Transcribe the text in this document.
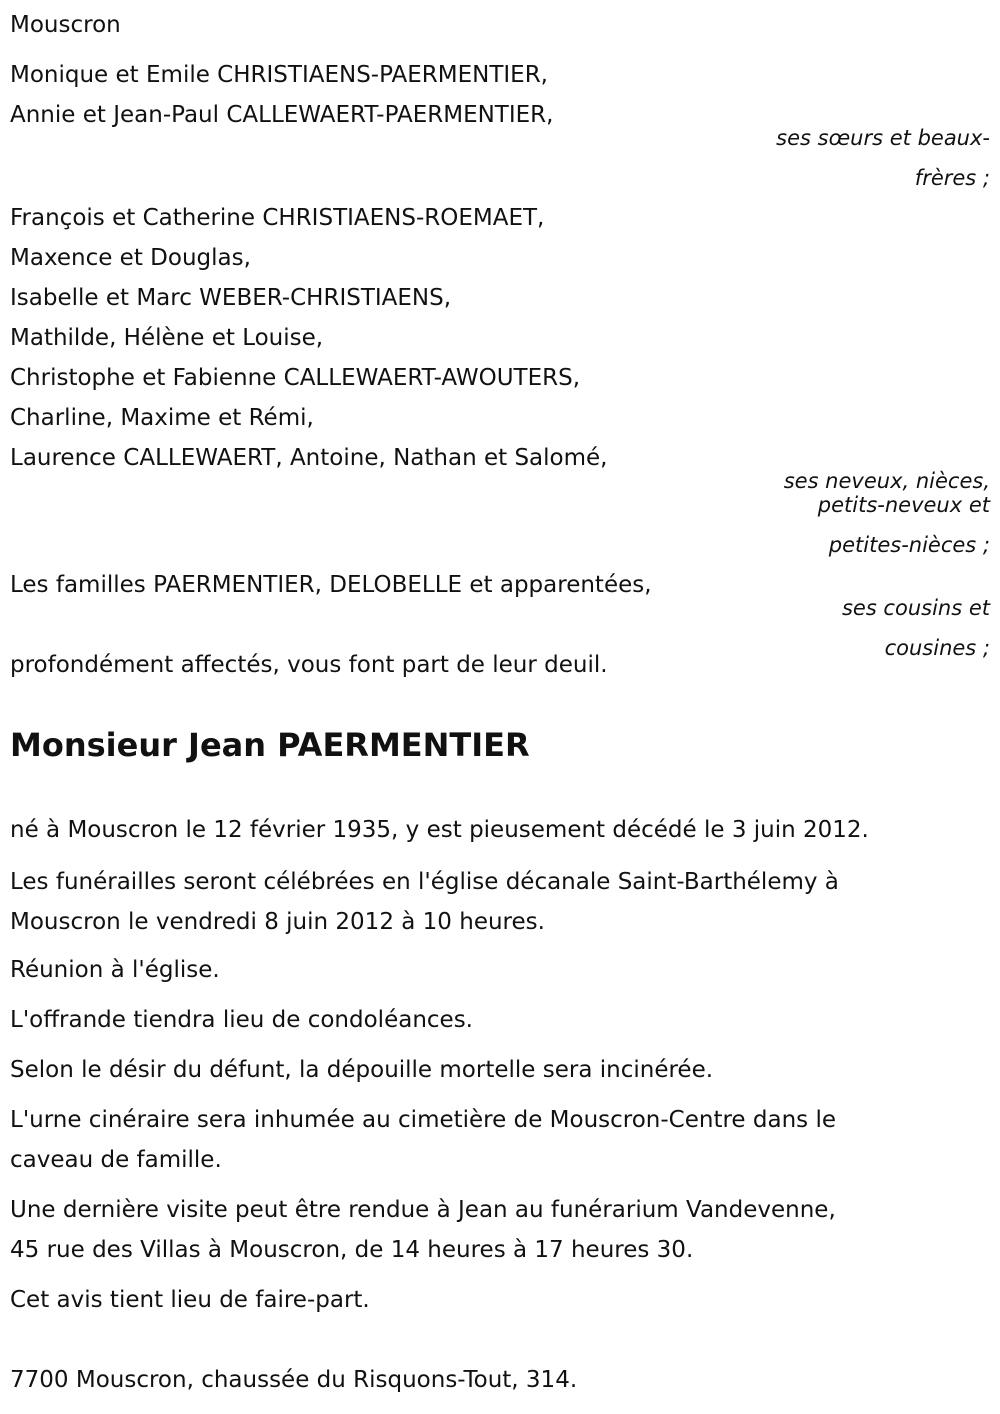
Mouscron
Monique et Emile CHRISTIAENS-PAERMENTIER,
Annie et Jean-Paul CALLEWAERT-PAERMENTIER,
ses sœurs et beaux-
frères ;
François et Catherine CHRISTIAENS-ROEMAET,
Maxence et Douglas,
Isabelle et Marc WEBER-CHRISTIAENS,
Mathilde, Hélène et Louise,
Christophe et Fabienne CALLEWAERT-AWOUTERS,
Charline, Maxime et Rémi,
Laurence CALLEWAERT, Antoine, Nathan et Salomé,
ses neveux, nièces,
petits-neveux et
petites-nièces ;
Les familles PAERMENTIER, DELOBELLE et apparentées,
ses cousins et
cousines ;
profondément affectés, vous font part de leur deuil.
Monsieur Jean PAERMENTIER
né à Mouscron le 12 février 1935, y est pieusement décédé le 3 juin 2012.
Les funérailles seront célébrées en l'église décanale Saint-Barthélemy à
Mouscron le vendredi 8 juin 2012 à 10 heures.
Réunion à l'église.
L'offrande tiendra lieu de condoléances.
Selon le désir du défunt, la dépouille mortelle sera incinérée.
L'urne cinéraire sera inhumée au cimetière de Mouscron-Centre dans le
caveau de famille.
Une dernière visite peut être rendue à Jean au funérarium Vandevenne,
45 rue des Villas à Mouscron, de 14 heures à 17 heures 30.
Cet avis tient lieu de faire-part.
7700 Mouscron, chaussée du Risquons-Tout, 314.
